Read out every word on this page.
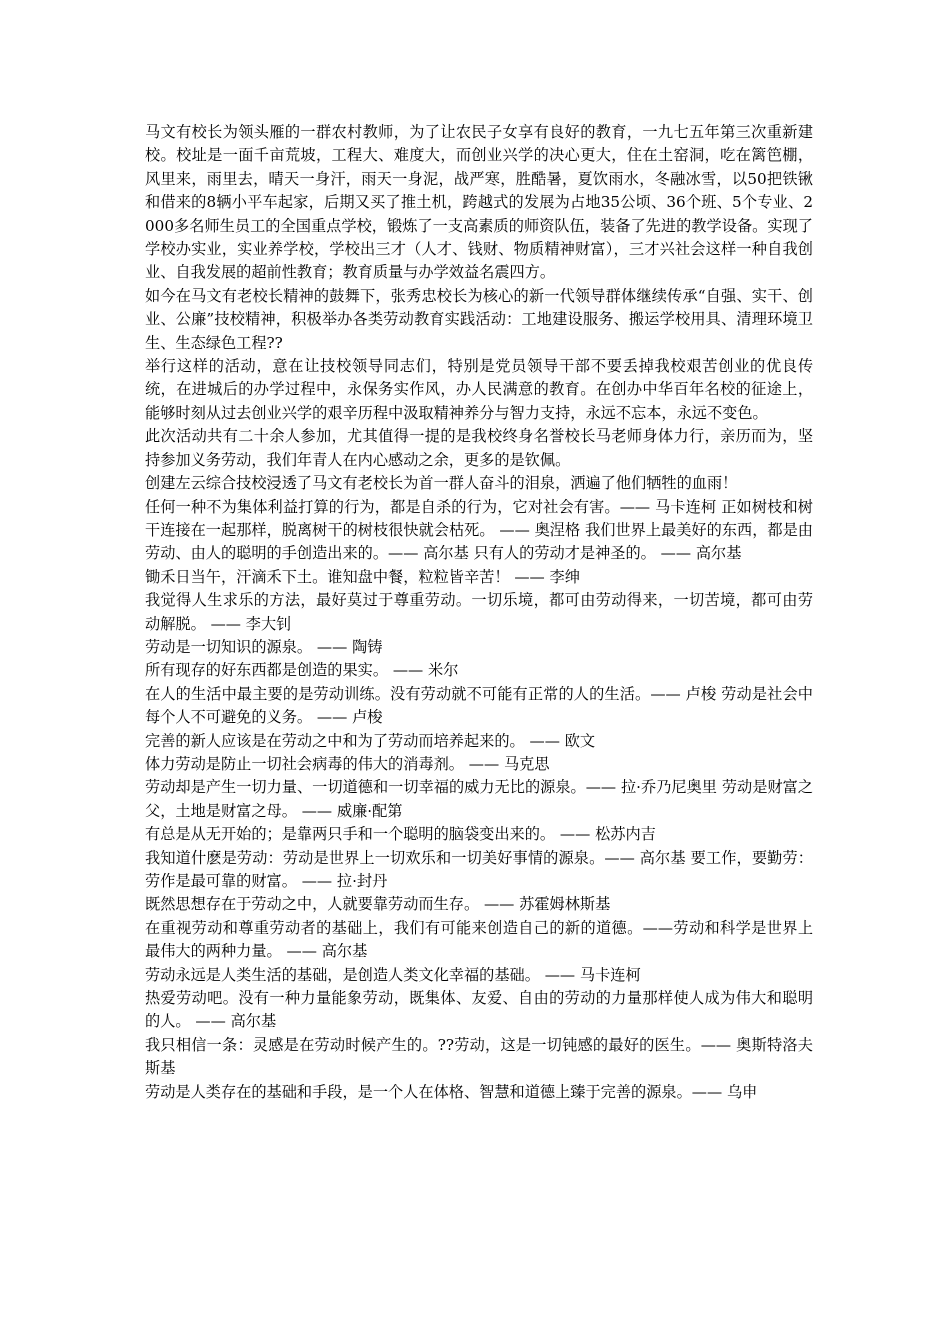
马文有校长为领头雁的一群农村教师，为了让农民子女享有良好的教育，一九七五年第三次重新建校。校址是一面千亩荒坡，工程大、难度大，而创业兴学的决心更大，住在土窑洞，吃在篱笆棚，风里来，雨里去，晴天一身汗，雨天一身泥，战严寒，胜酷暑，夏饮雨水，冬融冰雪，以50把铁锹和借来的8辆小平车起家，后期又买了推土机，跨越式的发展为占地35公顷、36个班、5个专业、2000多名师生员工的全国重点学校，锻炼了一支高素质的师资队伍，装备了先进的教学设备。实现了学校办实业，实业养学校，学校出三才（人才、钱财、物质精神财富），三才兴社会这样一种自我创业、自我发展的超前性教育；教育质量与办学效益名震四方。

如今在马文有老校长精神的鼓舞下，张秀忠校长为核心的新一代领导群体继续传承“自强、实干、创业、公廉”技校精神，积极举办各类劳动教育实践活动：工地建设服务、搬运学校用具、清理环境卫生、生态绿色工程??

举行这样的活动，意在让技校领导同志们，特别是党员领导干部不要丢掉我校艰苦创业的优良传统，在进城后的办学过程中，永保务实作风，办人民满意的教育。在创办中华百年名校的征途上，能够时刻从过去创业兴学的艰辛历程中汲取精神养分与智力支持，永远不忘本，永远不变色。

此次活动共有二十余人参加，尤其值得一提的是我校终身名誉校长马老师身体力行，亲历而为，坚持参加义务劳动，我们年青人在内心感动之余，更多的是钦佩。

创建左云综合技校浸透了马文有老校长为首一群人奋斗的泪泉，洒遍了他们牺牲的血雨！

任何一种不为集体利益打算的行为，都是自杀的行为，它对社会有害。—— 马卡连柯 正如树枝和树干连接在一起那样，脱离树干的树枝很快就会枯死。 —— 奥涅格 我们世界上最美好的东西，都是由劳动、由人的聪明的手创造出来的。—— 高尔基 只有人的劳动才是神圣的。 —— 高尔基

锄禾日当午，汗滴禾下土。谁知盘中餐，粒粒皆辛苦！ —— 李绅

我觉得人生求乐的方法，最好莫过于尊重劳动。一切乐境，都可由劳动得来，一切苦境，都可由劳动解脱。 —— 李大钊

劳动是一切知识的源泉。 —— 陶铸

所有现存的好东西都是创造的果实。 —— 米尔

在人的生活中最主要的是劳动训练。没有劳动就不可能有正常的人的生活。—— 卢梭 劳动是社会中每个人不可避免的义务。 —— 卢梭

完善的新人应该是在劳动之中和为了劳动而培养起来的。 —— 欧文

体力劳动是防止一切社会病毒的伟大的消毒剂。 —— 马克思

劳动却是产生一切力量、一切道德和一切幸福的威力无比的源泉。—— 拉·乔乃尼奥里 劳动是财富之父，土地是财富之母。 —— 威廉·配第

有总是从无开始的；是靠两只手和一个聪明的脑袋变出来的。 —— 松苏内吉

我知道什麽是劳动：劳动是世界上一切欢乐和一切美好事情的源泉。—— 高尔基 要工作，要勤劳：劳作是最可靠的财富。 —— 拉·封丹

既然思想存在于劳动之中，人就要靠劳动而生存。 —— 苏霍姆林斯基

在重视劳动和尊重劳动者的基础上，我们有可能来创造自己的新的道德。——劳动和科学是世界上最伟大的两种力量。 —— 高尔基

劳动永远是人类生活的基础，是创造人类文化幸福的基础。 —— 马卡连柯

热爱劳动吧。没有一种力量能象劳动，既集体、友爱、自由的劳动的力量那样使人成为伟大和聪明的人。 —— 高尔基

我只相信一条：灵感是在劳动时候产生的。??劳动，这是一切钝感的最好的医生。—— 奥斯特洛夫斯基

劳动是人类存在的基础和手段，是一个人在体格、智慧和道德上臻于完善的源泉。—— 乌申
